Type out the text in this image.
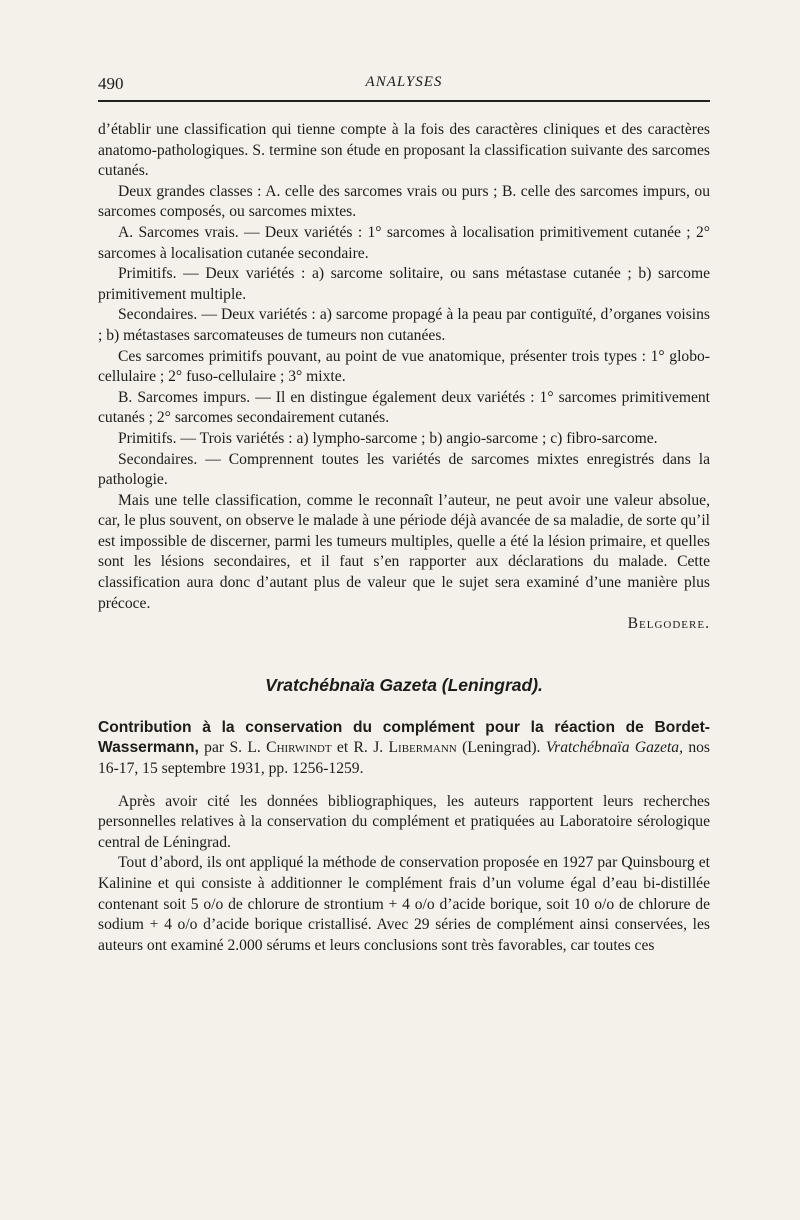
490	ANALYSES

d’établir une classification qui tienne compte à la fois des caractères cliniques et des caractères anatomo-pathologiques. S. termine son étude en proposant la classification suivante des sarcomes cutanés.

Deux grandes classes : A. celle des sarcomes vrais ou purs ; B. celle des sarcomes impurs, ou sarcomes composés, ou sarcomes mixtes.

A. Sarcomes vrais. — Deux variétés : 1° sarcomes à localisation primitivement cutanée ; 2° sarcomes à localisation cutanée secondaire.

Primitifs. — Deux variétés : a) sarcome solitaire, ou sans métastase cutanée ; b) sarcome primitivement multiple.

Secondaires. — Deux variétés : a) sarcome propagé à la peau par contiguïté, d’organes voisins ; b) métastases sarcomateuses de tumeurs non cutanées.

Ces sarcomes primitifs pouvant, au point de vue anatomique, présenter trois types : 1° globo-cellulaire ; 2° fuso-cellulaire ; 3° mixte.

B. Sarcomes impurs. — Il en distingue également deux variétés : 1° sarcomes primitivement cutanés ; 2° sarcomes secondairement cutanés.

Primitifs. — Trois variétés : a) lympho-sarcome ; b) angio-sarcome ; c) fibro-sarcome.

Secondaires. — Comprennent toutes les variétés de sarcomes mixtes enregistrés dans la pathologie.

Mais une telle classification, comme le reconnaît l’auteur, ne peut avoir une valeur absolue, car, le plus souvent, on observe le malade à une période déjà avancée de sa maladie, de sorte qu’il est impossible de discerner, parmi les tumeurs multiples, quelle a été la lésion primaire, et quelles sont les lésions secondaires, et il faut s’en rapporter aux déclarations du malade. Cette classification aura donc d’autant plus de valeur que le sujet sera examiné d’une manière plus précoce.

Belgodere.

Vratchébnaïa Gazeta (Leningrad).
Contribution à la conservation du complément pour la réaction de Bordet-Wassermann, par S. L. Chirwindt et R. J. Libermann (Leningrad). Vratchébnaïa Gazeta, nos 16-17, 15 septembre 1931, pp. 1256-1259.

Après avoir cité les données bibliographiques, les auteurs rapportent leurs recherches personnelles relatives à la conservation du complément et pratiquées au Laboratoire sérologique central de Léningrad.

Tout d’abord, ils ont appliqué la méthode de conservation proposée en 1927 par Quinsbourg et Kalinine et qui consiste à additionner le complément frais d’un volume égal d’eau bi-distillée contenant soit 5 o/o de chlorure de strontium + 4 o/o d’acide borique, soit 10 o/o de chlorure de sodium + 4 o/o d’acide borique cristallisé. Avec 29 séries de complément ainsi conservées, les auteurs ont examiné 2.000 sérums et leurs conclusions sont très favorables, car toutes ces
